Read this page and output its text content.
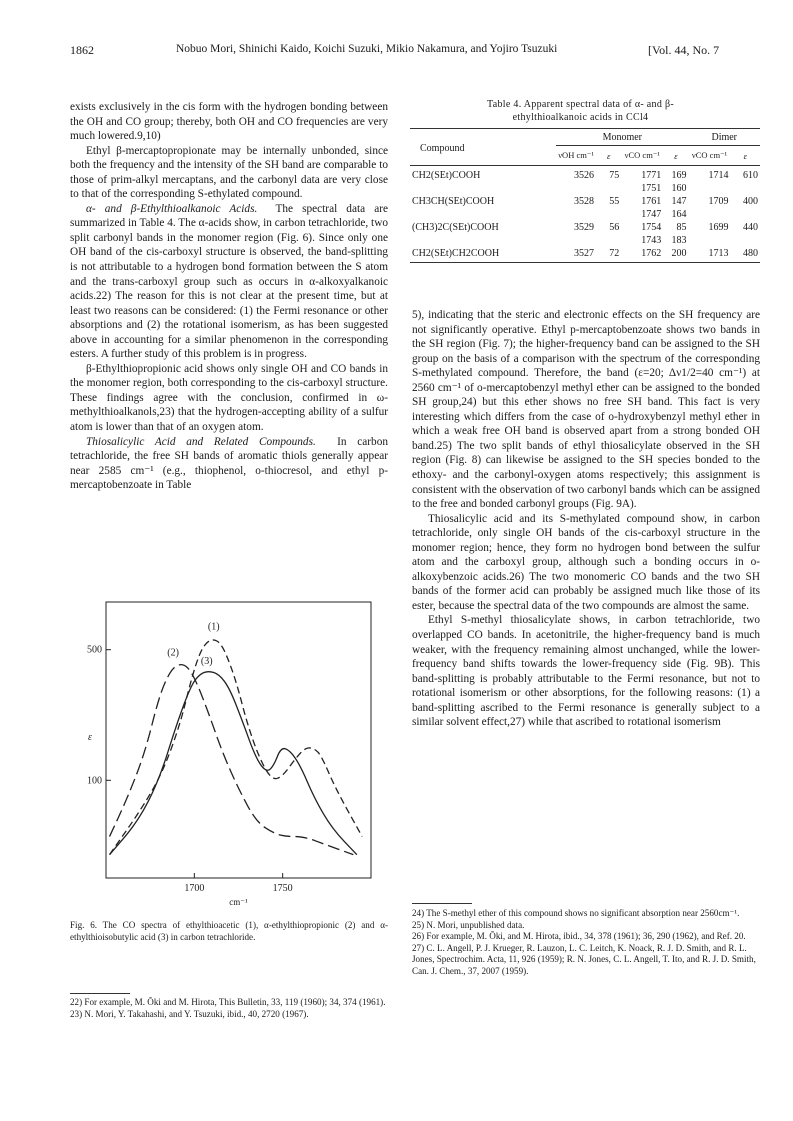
1862	Nobuo Mori, Shinichi Kaido, Koichi Suzuki, Mikio Nakamura, and Yojiro Tsuzuki	[Vol. 44, No. 7

exists exclusively in the cis form with the hydrogen bonding between the OH and CO group; thereby, both OH and CO frequencies are very much lowered.9,10)

Ethyl β-mercaptopropionate may be internally unbonded, since both the frequency and the intensity of the SH band are comparable to those of prim-alkyl mercaptans, and the carbonyl data are very close to that of the corresponding S-ethylated compound.

α- and β-Ethylthioalkanoic Acids. The spectral data are summarized in Table 4. The α-acids show, in carbon tetrachloride, two split carbonyl bands in the monomer region (Fig. 6). Since only one OH band of the cis-carboxyl structure is observed, the band-splitting is not attributable to a hydrogen bond formation between the S atom and the trans-carboxyl group such as occurs in α-alkoxyalkanoic acids.22) The reason for this is not clear at the present time, but at least two reasons can be considered: (1) the Fermi resonance or other absorptions and (2) the rotational isomerism, as has been suggested above in accounting for a similar phenomenon in the corresponding esters. A further study of this problem is in progress.

β-Ethylthiopropionic acid shows only single OH and CO bands in the monomer region, both corresponding to the cis-carboxyl structure. These findings agree with the conclusion, confirmed in ω-methylthioalkanols,23) that the hydrogen-accepting ability of a sulfur atom is lower than that of an oxygen atom.

Thiosalicylic Acid and Related Compounds. In carbon tetrachloride, the free SH bands of aromatic thiols generally appear near 2585 cm⁻¹ (e.g., thiophenol, o-thiocresol, and ethyl p-mercaptobenzoate in Table

Table 4. Apparent spectral data of α- and β-
ethylthioalkanoic acids in CCl4
Compound	Monomer				Dimer	
	νOH cm⁻¹	ε	νCO cm⁻¹	ε	νCO cm⁻¹	ε
CH2(SEt)COOH	3526	75	1771	169	1714	610
			1751	160		
CH3CH(SEt)COOH	3528	55	1761	147	1709	400
			1747	164		
(CH3)2C(SEt)COOH	3529	56	1754	85	1699	440
			1743	183		
CH2(SEt)CH2COOH	3527	72	1762	200	1713	480

5), indicating that the steric and electronic effects on the SH frequency are not significantly operative. Ethyl p-mercaptobenzoate shows two bands in the SH region (Fig. 7); the higher-frequency band can be assigned to the SH group on the basis of a comparison with the spectrum of the corresponding S-methylated compound. Therefore, the band (ε=20; Δν1/2=40 cm⁻¹) at 2560 cm⁻¹ of o-mercaptobenzyl methyl ether can be assigned to the bonded SH group,24) but this ether shows no free SH band. This fact is very interesting which differs from the case of o-hydroxybenzyl methyl ether in which a weak free OH band is observed apart from a strong bonded OH band.25) The two split bands of ethyl thiosalicylate observed in the SH region (Fig. 8) can likewise be assigned to the SH species bonded to the ethoxy- and the carbonyl-oxygen atoms respectively; this assignment is consistent with the observation of two carbonyl bands which can be assigned to the free and bonded carbonyl groups (Fig. 9A).

Thiosalicylic acid and its S-methylated compound show, in carbon tetrachloride, only single OH bands of the cis-carboxyl structure in the monomer region; hence, they form no hydrogen bond between the sulfur atom and the carboxyl group, although such a bonding occurs in o-alkoxybenzoic acids.26) The two monomeric CO bands and the two SH bands of the former acid can probably be assigned much like those of its ester, because the spectral data of the two compounds are almost the same.

Ethyl S-methyl thiosalicylate shows, in carbon tetrachloride, two overlapped CO bands. In acetonitrile, the higher-frequency band is much weaker, with the frequency remaining almost unchanged, while the lower-frequency band shifts towards the lower-frequency side (Fig. 9B). This band-splitting is probably attributable to the Fermi resonance, but not to rotational isomerism or other absorptions, for the following reasons: (1) a band-splitting ascribed to the Fermi resonance is generally subject to a similar solvent effect,27) while that ascribed to rotational isomerism

1700	1750
500
100
ε
cm⁻¹
(1)
(2)
(3)
Fig. 6. The CO spectra of ethylthioacetic (1), α-ethylthiopropionic (2) and α-ethylthioisobutylic acid (3) in carbon tetrachloride.

22) For example, M. Ōki and M. Hirota, This Bulletin, 33, 119 (1960); 34, 374 (1961).

23) N. Mori, Y. Takahashi, and Y. Tsuzuki, ibid., 40, 2720 (1967).

24) The S-methyl ether of this compound shows no significant absorption near 2560cm⁻¹.

25) N. Mori, unpublished data.

26) For example, M. Ōki, and M. Hirota, ibid., 34, 378 (1961); 36, 290 (1962), and Ref. 20.

27) C. L. Angell, P. J. Krueger, R. Lauzon, L. C. Leitch, K. Noack, R. J. D. Smith, and R. L. Jones, Spectrochim. Acta, 11, 926 (1959); R. N. Jones, C. L. Angell, T. Ito, and R. J. D. Smith, Can. J. Chem., 37, 2007 (1959).
